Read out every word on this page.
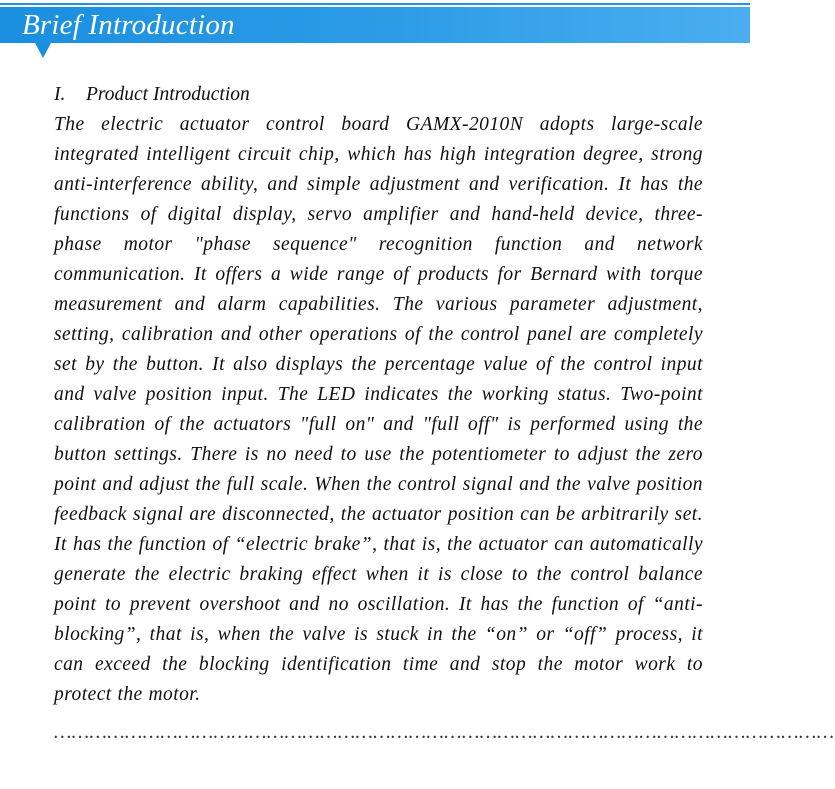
Brief Introduction
I. Product Introduction

The electric actuator control board GAMX-2010N adopts large-scale integrated intelligent circuit chip, which has high integration degree, strong anti-interference ability, and simple adjustment and verification. It has the functions of digital display, servo amplifier and hand-held device, three-phase motor "phase sequence" recognition function and network communication. It offers a wide range of products for Bernard with torque measurement and alarm capabilities. The various parameter adjustment, setting, calibration and other operations of the control panel are completely set by the button. It also displays the percentage value of the control input and valve position input. The LED indicates the working status. Two-point calibration of the actuators "full on" and "full off" is performed using the button settings. There is no need to use the potentiometer to adjust the zero point and adjust the full scale. When the control signal and the valve position feedback signal are disconnected, the actuator position can be arbitrarily set. It has the function of “electric brake”, that is, the actuator can automatically generate the electric braking effect when it is close to the control balance point to prevent overshoot and no oscillation. It has the function of “anti-blocking”, that is, when the valve is stuck in the “on” or “off” process, it can exceed the blocking identification time and stop the motor work to protect the motor.

……………………………………………………………………………………………………………………
